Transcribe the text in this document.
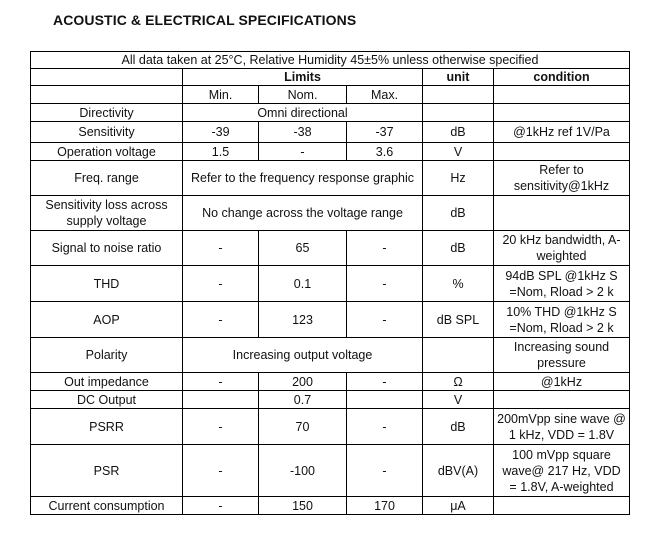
ACOUSTIC & ELECTRICAL SPECIFICATIONS
All data taken at 25°C, Relative Humidity 45±5% unless otherwise specified					
	Limits			unit	condition
	Min.	Nom.	Max.		
Directivity	Omni directional				
Sensitivity	-39	-38	-37	dB	@1kHz ref 1V/Pa
Operation voltage	1.5	-	3.6	V	
Freq. range	Refer to the frequency response graphic			Hz	Refer to sensitivity@1kHz
Sensitivity loss across supply voltage	No change across the voltage range			dB	
Signal to noise ratio	-	65	-	dB	20 kHz bandwidth, A-weighted
THD	-	0.1	-	%	94dB SPL @1kHz S =Nom, Rload > 2 k
AOP	-	123	-	dB SPL	10% THD @1kHz S =Nom, Rload > 2 k
Polarity	Increasing output voltage				Increasing sound pressure
Out impedance	-	200	-	Ω	@1kHz
DC Output		0.7		V	
PSRR	-	70	-	dB	200mVpp sine wave @ 1 kHz, VDD = 1.8V
PSR	-	-100	-	dBV(A)	100 mVpp square wave@ 217 Hz, VDD = 1.8V, A-weighted
Current consumption	-	150	170	μA	
